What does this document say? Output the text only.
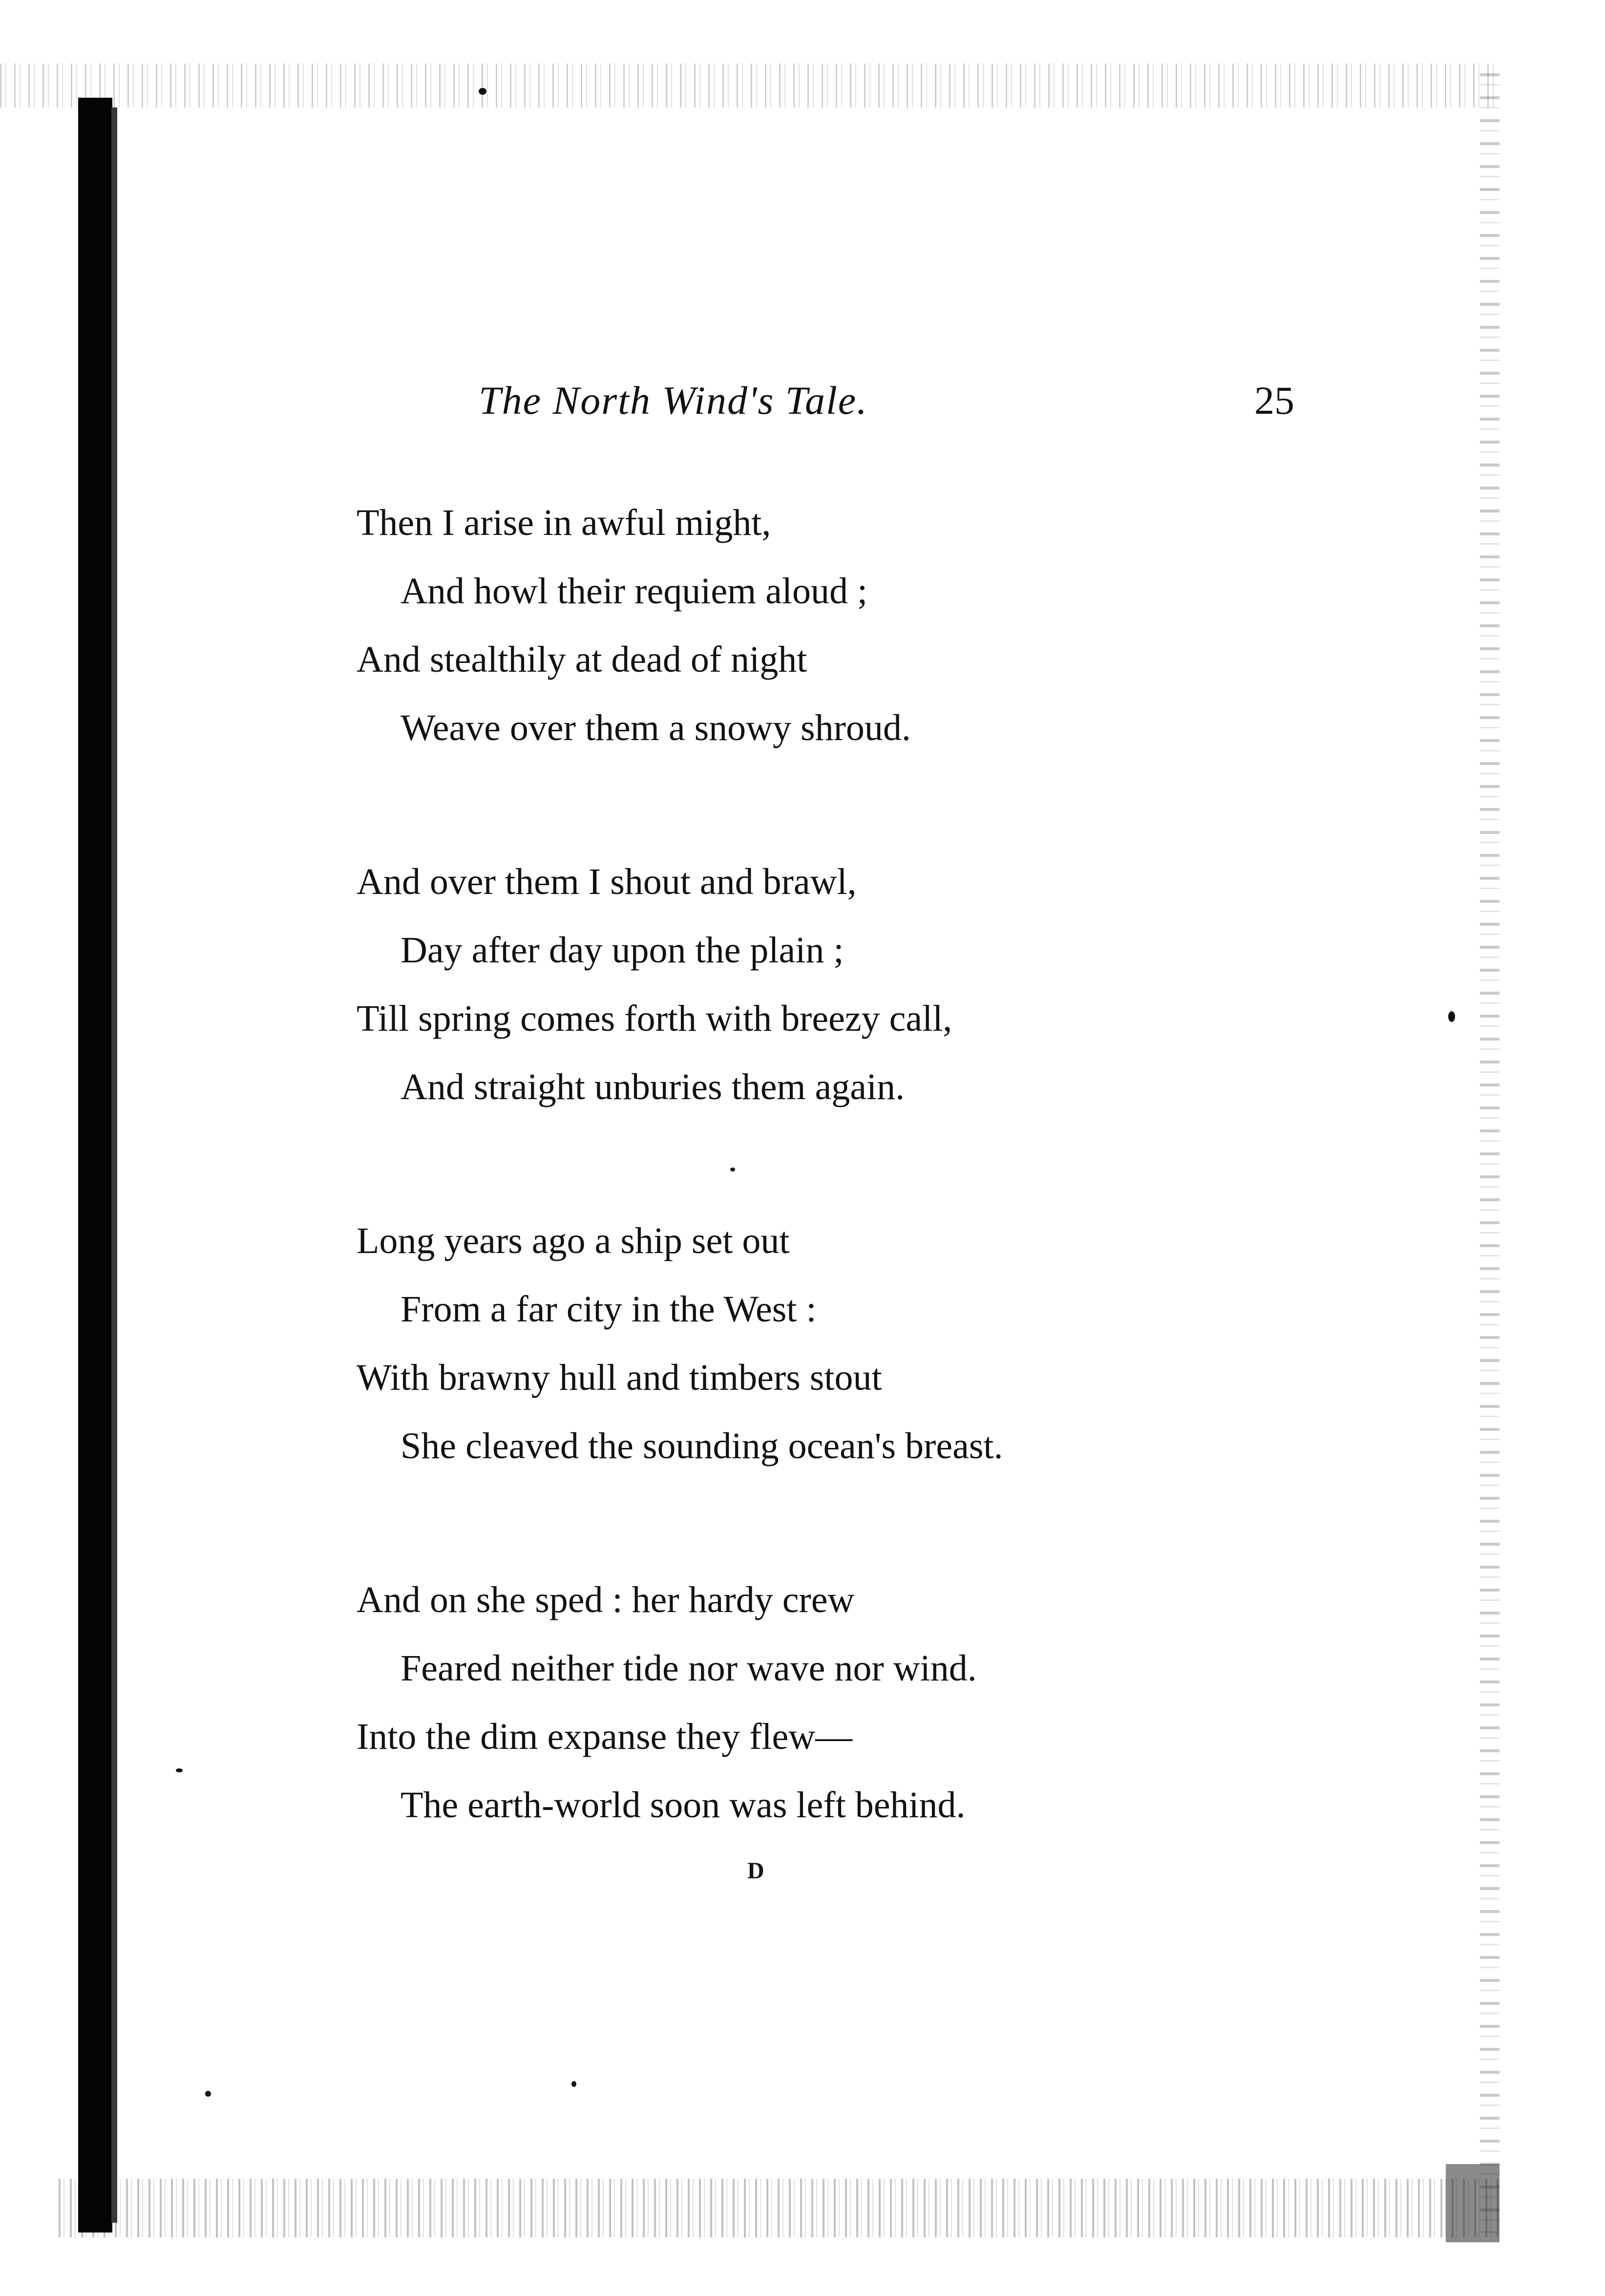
The North Wind's Tale.	25
Then I arise in awful might,
And howl their requiem aloud ;
And stealthily at dead of night
Weave over them a snowy shroud.
And over them I shout and brawl,
Day after day upon the plain ;
Till spring comes forth with breezy call,
And straight unburies them again.
Long years ago a ship set out
From a far city in the West :
With brawny hull and timbers stout
She cleaved the sounding ocean's breast.
And on she sped : her hardy crew
Feared neither tide nor wave nor wind.
Into the dim expanse they flew—
The earth-world soon was left behind.
D
